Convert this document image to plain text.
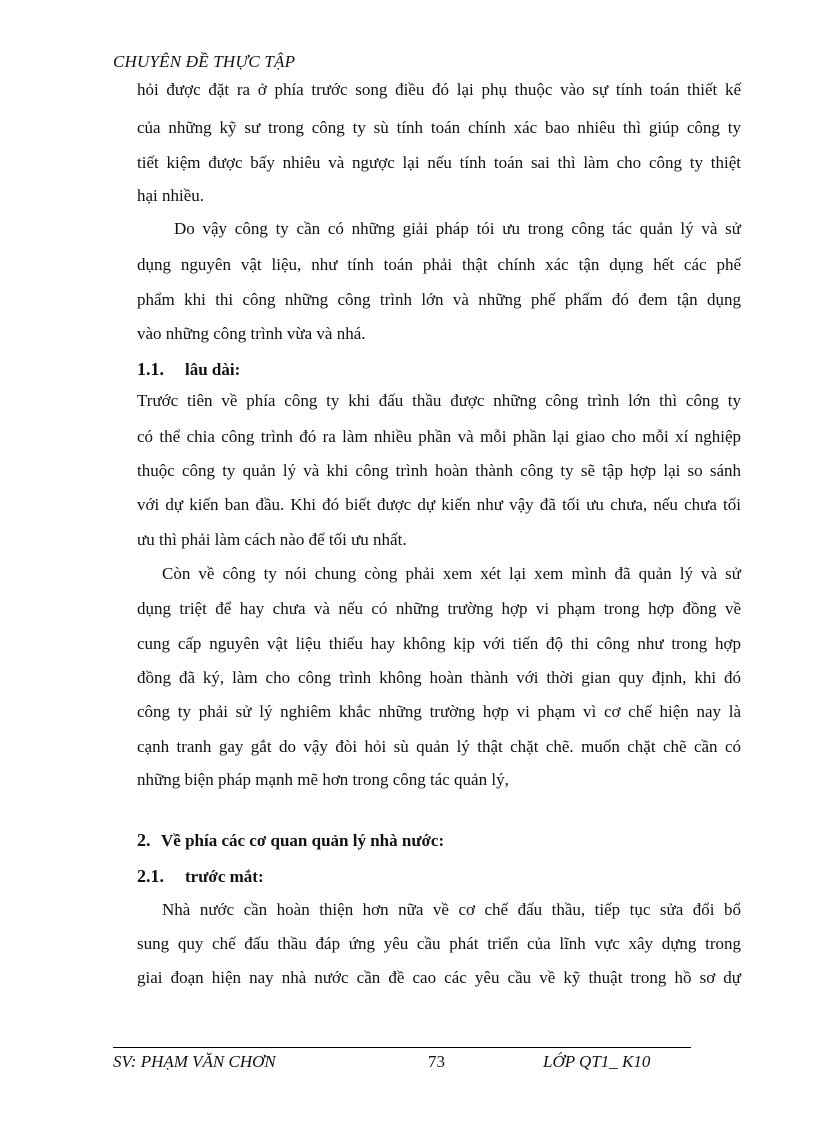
CHUYÊN ĐỀ THỰC TẬP
hỏi được đặt ra ở phía trước song điều đó lại phụ thuộc vào sự tính toán thiết kế
của những kỹ sư trong công ty sù tính toán chính xác bao nhiêu thì giúp công ty
tiết kiệm được bấy nhiêu và ngược lại nếu tính toán sai thì làm cho công ty thiệt
hại nhiều.
Do vậy công ty cần có những giải pháp tói ưu trong công tác quản lý và sử
dụng nguyên vật liệu, như tính toán phải thật chính xác tận dụng hết các phế
phẩm khi thi công những công trình lớn và những phế phẩm đó đem tận dụng
vào những công trình vừa và nhá.
1.1. lâu dài:
Trước tiên về phía công ty khi đấu thầu được những công trình lớn thì công ty
có thể chia công trình đó ra làm nhiều phần và mỗi phần lại giao cho mỗi xí nghiệp
thuộc công ty quản lý và khi công trình hoàn thành công ty sẽ tập hợp lại so sánh
với dự kiến ban đầu. Khi đó biết được dự kiến như vậy đã tối ưu chưa, nếu chưa tối
ưu thì phải làm cách nào để tối ưu nhất.
Còn về công ty nói chung còng phải xem xét lại xem mình đã quản lý và sử
dụng triệt để hay chưa và nếu có những trường hợp vi phạm trong hợp đồng về
cung cấp nguyên vật liệu thiếu hay không kịp với tiến độ thi công như trong hợp
đồng đã ký, làm cho công trình không hoàn thành với thời gian quy định, khi đó
công ty phải sử lý nghiêm khắc những trường hợp vi phạm vì cơ chế hiện nay là
cạnh tranh gay gắt do vậy đòi hỏi sù quản lý thật chặt chẽ. muốn chặt chẽ cần có
những biện pháp mạnh mẽ hơn trong công tác quản lý,
2. Về phía các cơ quan quản lý nhà nước:
2.1. trước mắt:
Nhà nước cần hoàn thiện hơn nữa về cơ chế đấu thầu, tiếp tục sửa đổi bổ
sung quy chế đấu thầu đáp ứng yêu cầu phát triển của lĩnh vực xây dựng trong
giai đoạn hiện nay nhà nước cần đề cao các yêu cầu về kỹ thuật trong hồ sơ dự
SV: PHẠM VĂN CHƠN	73	LỚP QT1_ K10
